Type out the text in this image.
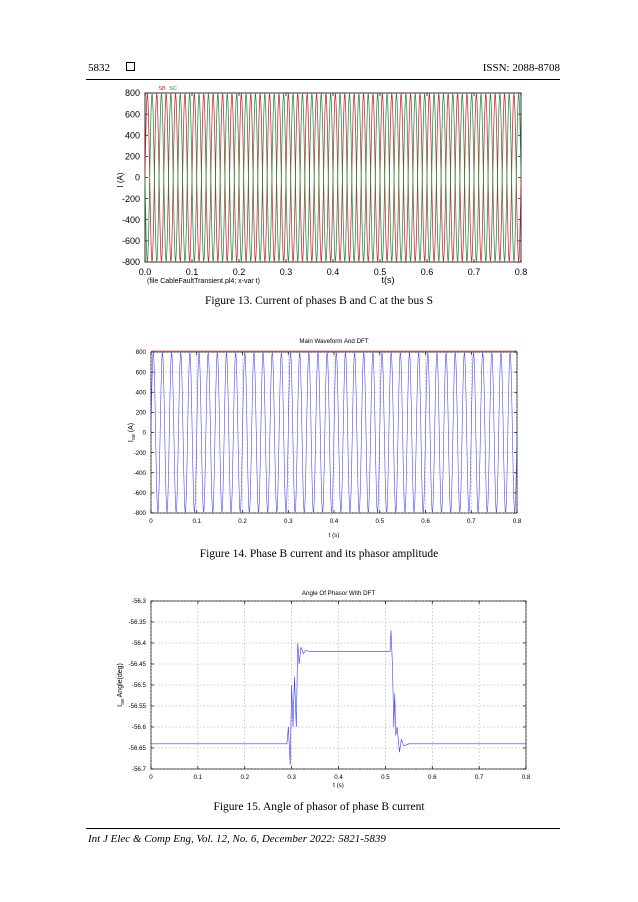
5832	ISSN: 2088-8708
-800
-600
-400
-200
0
200
400
600
800
0.0	0.1	0.2	0.3	0.4	0.5	0.6	0.7	0.8
SB SC
I (A)
t(s)
(file CableFaultTransient.pl4; x-var t)
Figure 13. Current of phases B and C at the bus S
-800
-600
-400
-200
0
200
400
600
800
0	0.1	0.2	0.3	0.4	0.5	0.6	0.7	0.8
Main Waveform And DFT
t (s)
$I_{SB}$ (A)
Figure 14. Phase B current and its phasor amplitude
-56.7
-56.65
-56.6
-56.55
-56.5
-56.45
-56.4
-56.35
-56.3
0	0.1	0.2	0.3	0.4	0.5	0.6	0.7	0.8
Angle Of Phasor With DFT
t (s)
$I_{SB}$ Angle(deg)
Figure 15. Angle of phasor of phase B current
Int J Elec & Comp Eng, Vol. 12, No. 6, December 2022: 5821-5839
